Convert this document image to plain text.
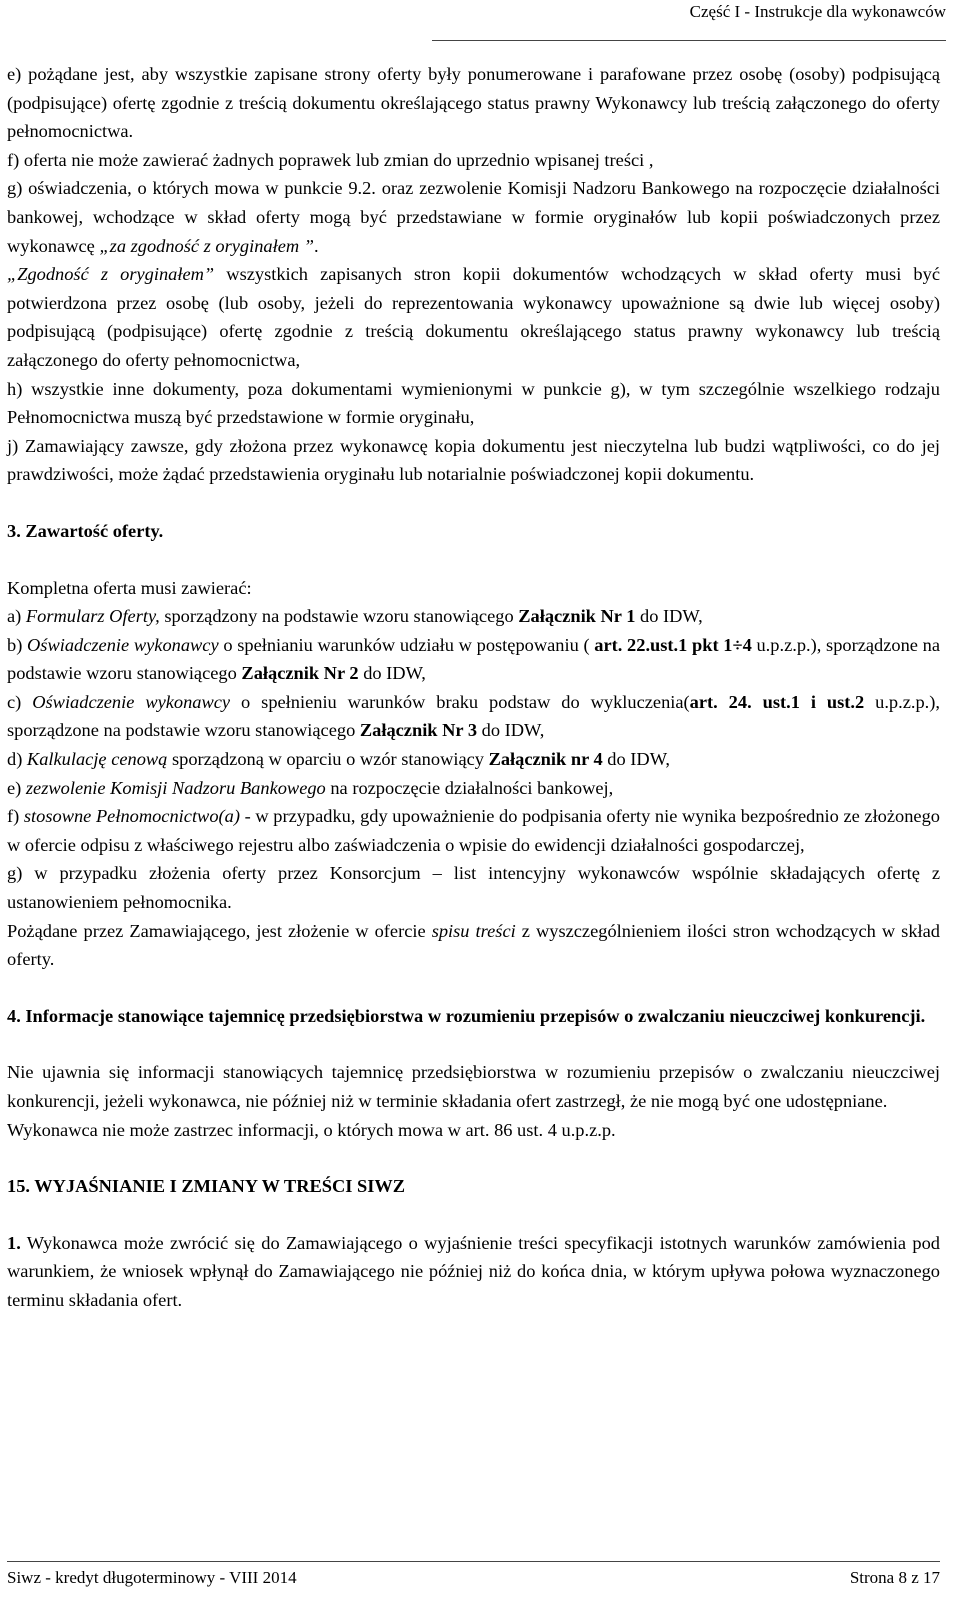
Część I - Instrukcje dla wykonawców

e) pożądane jest, aby wszystkie zapisane strony oferty były ponumerowane i parafowane przez osobę (osoby) podpisującą (podpisujące) ofertę zgodnie z treścią dokumentu określającego status prawny Wykonawcy lub treścią załączonego do oferty pełnomocnictwa.

f) oferta nie może zawierać żadnych poprawek lub zmian do uprzednio wpisanej treści ,

g) oświadczenia, o których mowa w punkcie 9.2. oraz zezwolenie Komisji Nadzoru Bankowego na rozpoczęcie działalności bankowej, wchodzące w skład oferty mogą być przedstawiane w formie oryginałów lub kopii poświadczonych przez wykonawcę „za zgodność z oryginałem ”.

„Zgodność z oryginałem” wszystkich zapisanych stron kopii dokumentów wchodzących w skład oferty musi być potwierdzona przez osobę (lub osoby, jeżeli do reprezentowania wykonawcy upoważnione są dwie lub więcej osoby) podpisującą (podpisujące) ofertę zgodnie z treścią dokumentu określającego status prawny wykonawcy lub treścią załączonego do oferty pełnomocnictwa,

h) wszystkie inne dokumenty, poza dokumentami wymienionymi w punkcie g), w tym szczególnie wszelkiego rodzaju Pełnomocnictwa muszą być przedstawione w formie oryginału,

j) Zamawiający zawsze, gdy złożona przez wykonawcę kopia dokumentu jest nieczytelna lub budzi wątpliwości, co do jej prawdziwości, może żądać przedstawienia oryginału lub notarialnie poświadczonej kopii dokumentu.

3. Zawartość oferty.

Kompletna oferta musi zawierać:

a) Formularz Oferty, sporządzony na podstawie wzoru stanowiącego Załącznik Nr 1 do IDW,

b) Oświadczenie wykonawcy o spełnianiu warunków udziału w postępowaniu ( art. 22.ust.1 pkt 1÷4 u.p.z.p.), sporządzone na podstawie wzoru stanowiącego Załącznik Nr 2 do IDW,

c) Oświadczenie wykonawcy o spełnieniu warunków braku podstaw do wykluczenia(art. 24. ust.1 i ust.2 u.p.z.p.), sporządzone na podstawie wzoru stanowiącego Załącznik Nr 3 do IDW,

d) Kalkulację cenową sporządzoną w oparciu o wzór stanowiący Załącznik nr 4 do IDW,

e) zezwolenie Komisji Nadzoru Bankowego na rozpoczęcie działalności bankowej,

f) stosowne Pełnomocnictwo(a) - w przypadku, gdy upoważnienie do podpisania oferty nie wynika bezpośrednio ze złożonego w ofercie odpisu z właściwego rejestru albo zaświadczenia o wpisie do ewidencji działalności gospodarczej,

g) w przypadku złożenia oferty przez Konsorcjum – list intencyjny wykonawców wspólnie składających ofertę z ustanowieniem pełnomocnika.

Pożądane przez Zamawiającego, jest złożenie w ofercie spisu treści z wyszczególnieniem ilości stron wchodzących w skład oferty.

4. Informacje stanowiące tajemnicę przedsiębiorstwa w rozumieniu przepisów o zwalczaniu nieuczciwej konkurencji.

Nie ujawnia się informacji stanowiących tajemnicę przedsiębiorstwa w rozumieniu przepisów o zwalczaniu nieuczciwej konkurencji, jeżeli wykonawca, nie później niż w terminie składania ofert zastrzegł, że nie mogą być one udostępniane.

Wykonawca nie może zastrzec informacji, o których mowa w art. 86 ust. 4 u.p.z.p.

15. WYJAŚNIANIE I ZMIANY W TREŚCI SIWZ

1. Wykonawca może zwrócić się do Zamawiającego o wyjaśnienie treści specyfikacji istotnych warunków zamówienia pod warunkiem, że wniosek wpłynął do Zamawiającego nie później niż do końca dnia, w którym upływa połowa wyznaczonego terminu składania ofert.

Siwz - kredyt długoterminowy - VIII 2014	Strona 8 z 17
